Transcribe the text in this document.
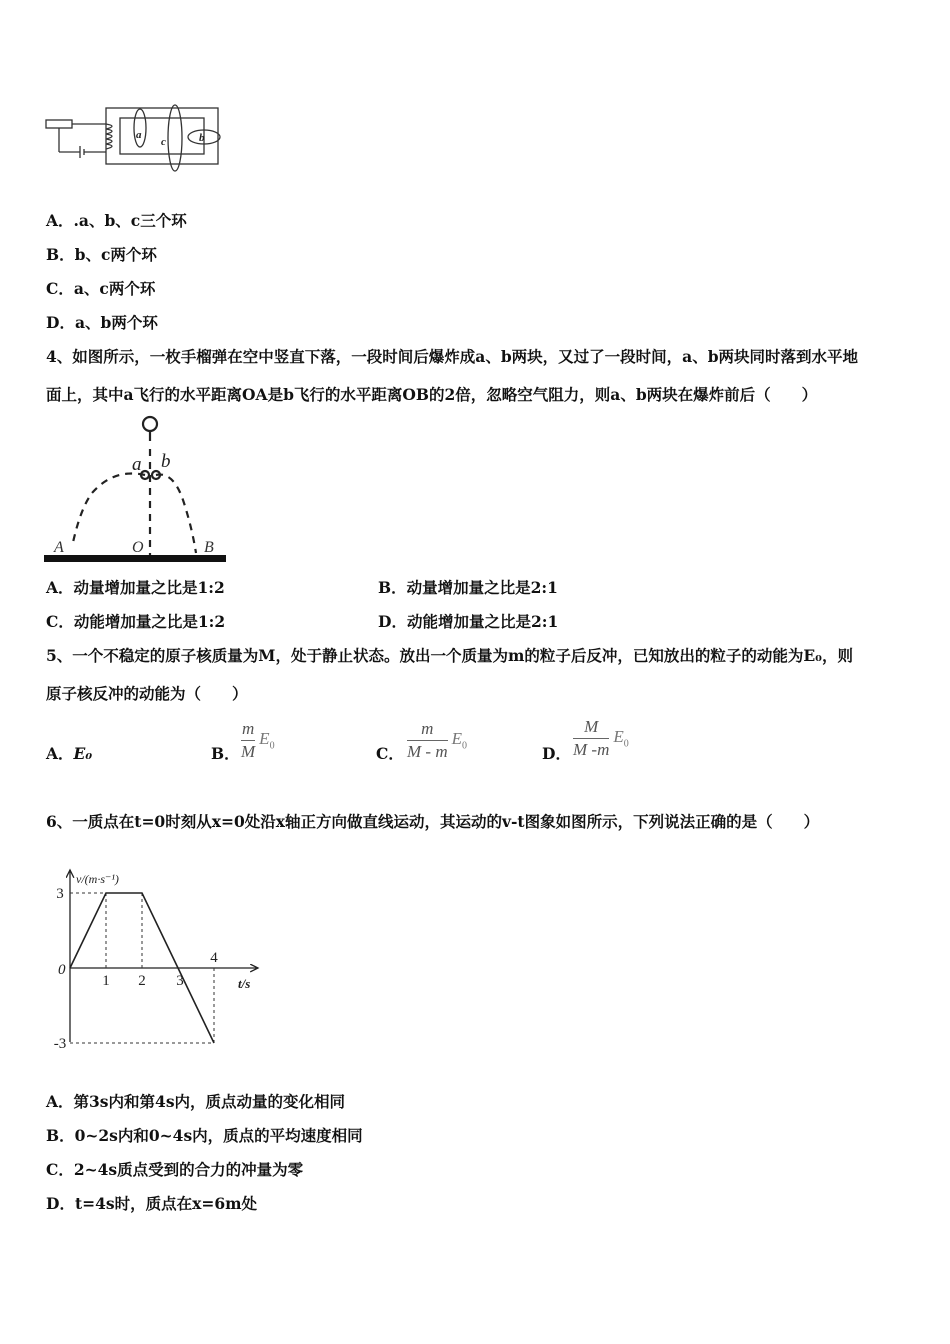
a
c	b
A．.a、b、c三个环
B．b、c两个环
C．a、c两个环
D．a、b两个环
4、如图所示，一枚手榴弹在空中竖直下落，一段时间后爆炸成a、b两块，又过了一段时间，a、b两块同时落到水平地
面上，其中a飞行的水平距离OA是b飞行的水平距离OB的2倍，忽略空气阻力，则a、b两块在爆炸前后（　　）
a b
A	O	B
A．动量增加量之比是1:2	B．动量增加量之比是2:1
C．动能增加量之比是1:2	D．动能增加量之比是2:1
5、一个不稳定的原子核质量为M，处于静止状态。放出一个质量为m的粒子后反冲，已知放出的粒子的动能为E₀，则
原子核反冲的动能为（　　）
A．E₀	B．
m
M
$E_0$	C．
m
M - m
$E_0$	D．
M
M -m
$E_0$
6、一质点在t=0时刻从x=0处沿x轴正方向做直线运动，其运动的v-t图象如图所示，下列说法正确的是（　　）
1 2 3
4
3
-3
v/(m·s⁻¹)
t/s
0
A．第3s内和第4s内，质点动量的变化相同
B．0~2s内和0~4s内，质点的平均速度相同
C．2~4s质点受到的合力的冲量为零
D．t=4s时，质点在x=6m处
